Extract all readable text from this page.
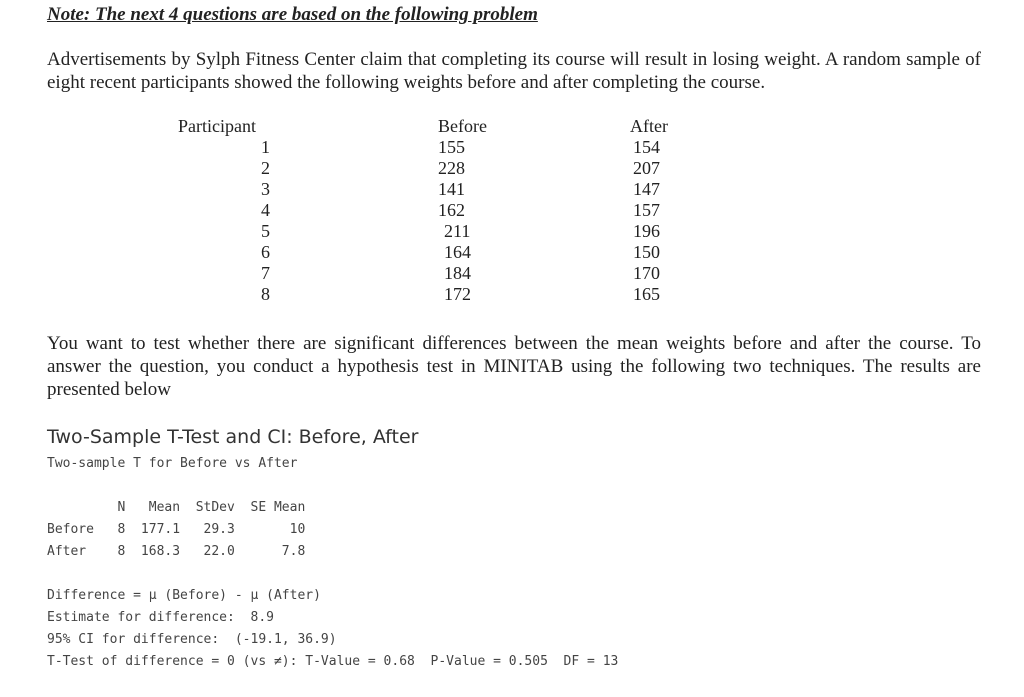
Note: The next 4 questions are based on the following problem
Advertisements by Sylph Fitness Center claim that completing its course will result in losing weight. A random sample of eight recent participants showed the following weights before and after completing the course.
Participant
1
2
3
4
5
6
7
8
Before
155
228
141
162
211
164
184
172
After
154
207
147
157
196
150
170
165
You want to test whether there are significant differences between the mean weights before and after the course. To answer the question, you conduct a hypothesis test in MINITAB using the following two techniques. The results are presented below
Two-Sample T-Test and CI: Before, After
Two-sample T for Before vs After
N   Mean  StDev  SE Mean
Before   8  177.1   29.3       10
After    8  168.3   22.0      7.8
Difference = μ (Before) - μ (After)
Estimate for difference:  8.9
95% CI for difference:  (-19.1, 36.9)
T-Test of difference = 0 (vs ≠): T-Value = 0.68  P-Value = 0.505  DF = 13
